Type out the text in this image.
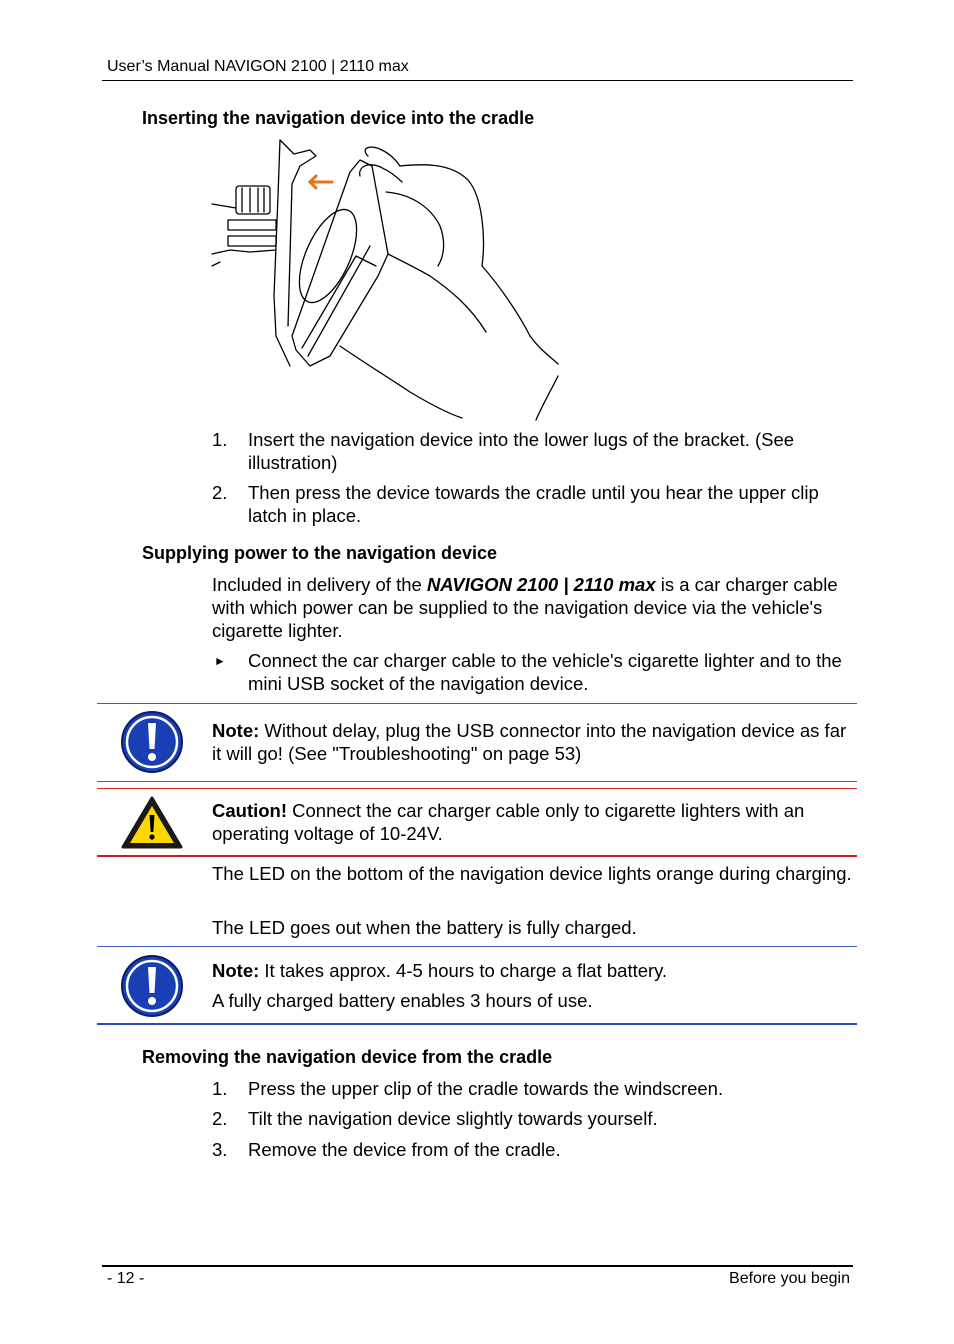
User’s Manual NAVIGON 2100 | 2110 max
Inserting the navigation device into the cradle
1. Insert the navigation device into the lower lugs of the bracket. (See illustration)
2. Then press the device towards the cradle until you hear the upper clip latch in place.
Supplying power to the navigation device
Included in delivery of the NAVIGON 2100 | 2110 max is a car charger cable with which power can be supplied to the navigation device via the vehicle's cigarette lighter.
► Connect the car charger cable to the vehicle's cigarette lighter and to the mini USB socket of the navigation device.
Note: Without delay, plug the USB connector into the navigation device as far it will go! (See "Troubleshooting" on page 53)
Caution! Connect the car charger cable only to cigarette lighters with an operating voltage of 10-24V.
The LED on the bottom of the navigation device lights orange during charging.
The LED goes out when the battery is fully charged.
Note: It takes approx. 4-5 hours to charge a flat battery.
A fully charged battery enables 3 hours of use.
Removing the navigation device from the cradle
1. Press the upper clip of the cradle towards the windscreen.
2. Tilt the navigation device slightly towards yourself.
3. Remove the device from of the cradle.
- 12 -	Before you begin
